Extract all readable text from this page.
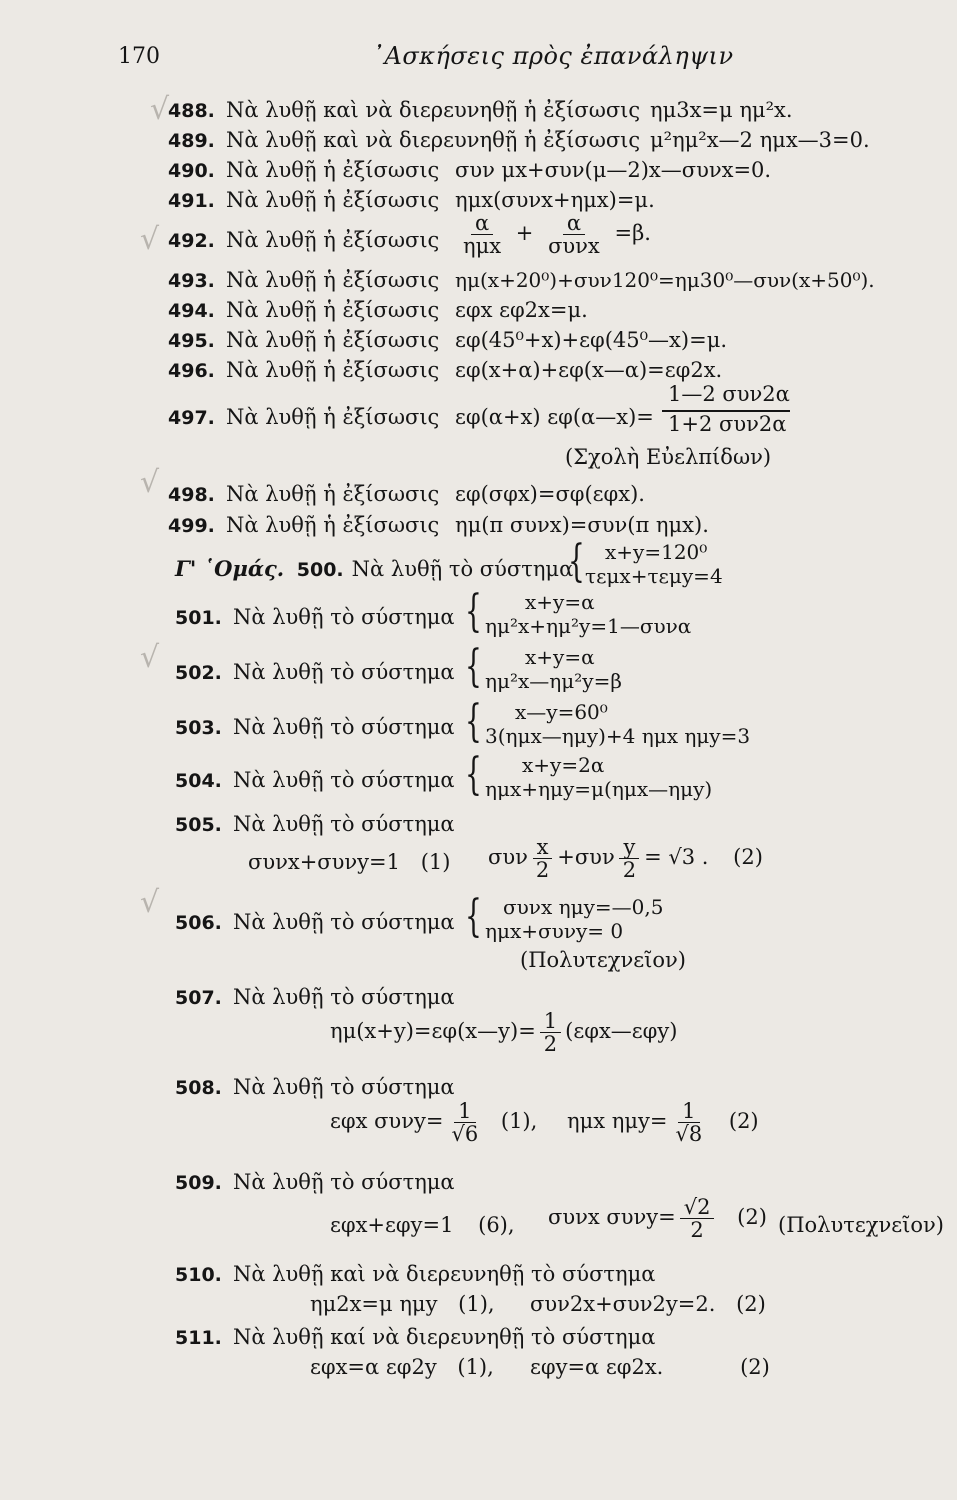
170	᾿Ασκήσεις πρὸς ἐπανάληψιν
√
√
√
√
√
488. Νὰ λυθῇ καὶ νὰ διερευνηθῇ ἡ ἐξίσωσις ημ3x=μ ημ²x.
489. Νὰ λυθῇ καὶ νὰ διερευνηθῇ ἡ ἐξίσωσις μ²ημ²x—2 ημx—3=0.
490. Νὰ λυθῇ ἡ ἐξίσωσις συν μx+συν(μ—2)x—συνx=0.
491. Νὰ λυθῇ ἡ ἐξίσωσις ημx(συνx+ημx)=μ.
492. Νὰ λυθῇ ἡ ἐξίσωσις $\frac{\alpha}{\text{ημx}} + \frac{\alpha}{\text{συνx}} =\beta$.
493. Νὰ λυθῇ ἡ ἐξίσωσις ημ(x+20⁰)+συν120⁰=ημ30⁰—συν(x+50⁰).
494. Νὰ λυθῇ ἡ ἐξίσωσις εφx εφ2x=μ.
495. Νὰ λυθῇ ἡ ἐξίσωσις εφ(45⁰+x)+εφ(45⁰—x)=μ.
496. Νὰ λυθῇ ἡ ἐξίσωσις εφ(x+α)+εφ(x—α)=εφ2x.
497. Νὰ λυθῇ ἡ ἐξίσωσις εφ(α+x) εφ(α—x)=
1—2 συν2α
1+2 συν2α
(Σχολὴ Εὐελπίδων)
498. Νὰ λυθῇ ἡ ἐξίσωσις εφ(σφx)=σφ(εφx).
499. Νὰ λυθῇ ἡ ἐξίσωσις ημ(π συνx)=συν(π ημx).
Γ' ῾Ομάς. 500. Νὰ λυθῇ τὸ σύστημα
{ x+y=120⁰
τεμx+τεμy=4
501. Νὰ λυθῇ τὸ σύστημα { x+y=α
ημ²x+ημ²y=1—συνα
502. Νὰ λυθῇ τὸ σύστημα { x+y=α
ημ²x—ημ²y=β
503. Νὰ λυθῇ τὸ σύστημα { x—y=60⁰
3(ημx—ημy)+4 ημx ημy=3
504. Νὰ λυθῇ τὸ σύστημα { x+y=2α
ημx+ημy=μ(ημx—ημy)
505. Νὰ λυθῇ τὸ σύστημα
συνx+συνy=1 (1) συν $\frac{x}{2} +\sigma\upsilon\nu \frac{y}{2} = √3$ . (2)
506. Νὰ λυθῇ τὸ σύστημα { συνx ημy=—0,5
ημx+συνy= 0
(Πολυτεχνεῖον)
507. Νὰ λυθῇ τὸ σύστημα
ημ(x+y)=εφ(x—y)= $\frac{1}{2}$ (εφx—εφy)
508. Νὰ λυθῇ τὸ σύστημα
εφx $\sigma\upsilon\nu y= \frac{1}{√6} (1)$, ημx $\eta\mu y= \frac{1}{√8} (2)$
509. Νὰ λυθῇ τὸ σύστημα
εφx+εφy=1 (6), συνx $\sigma\upsilon\nu y= \frac{√2}{2} (2)$ (Πολυτεχνεῖον)
510. Νὰ λυθῇ καὶ νὰ διερευνηθῇ τὸ σύστημα
ημ2x=μ ημy (1), συν2x+συν2y=2. (2)
511. Νὰ λυθῇ καί νὰ διερευνηθῇ τὸ σύστημα
εφx=α εφ2y (1), εφy=α εφ2x.	(2)
